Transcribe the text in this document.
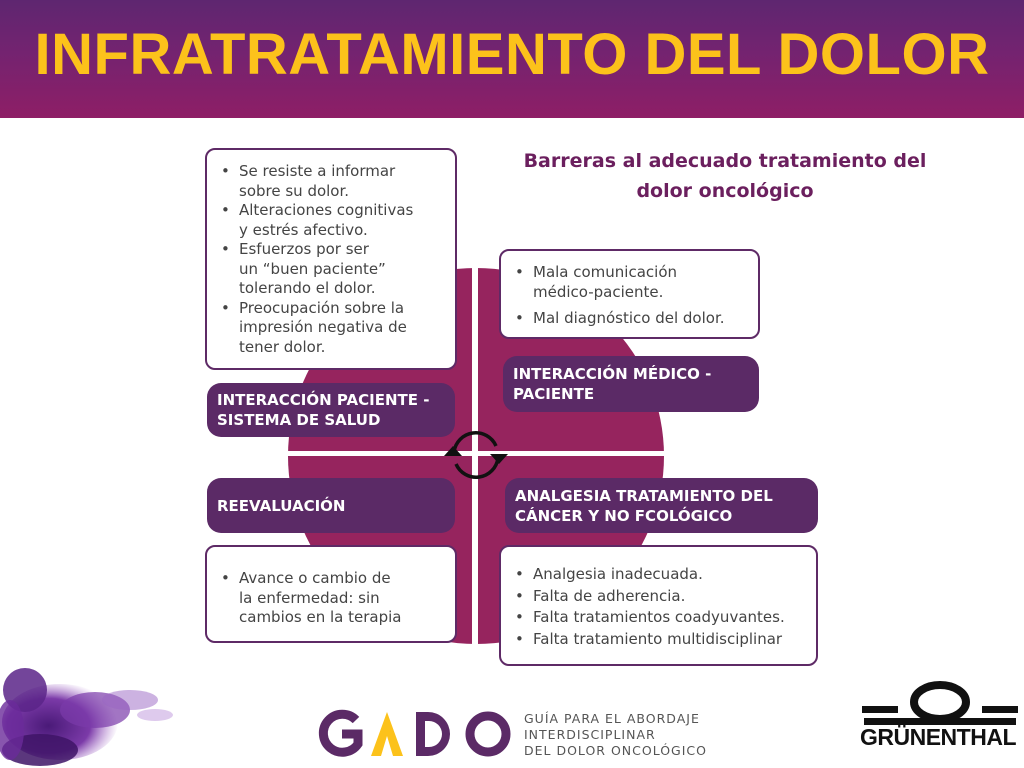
INFRATRATAMIENTO DEL DOLOR
Barreras al adecuado tratamiento del
dolor oncológico
• Se resiste a informar
sobre su dolor.
• Alteraciones cognitivas
y estrés afectivo.
• Esfuerzos por ser
un “buen paciente”
tolerando el dolor.
• Preocupación sobre la
impresión negativa de
tener dolor.
INTERACCIÓN PACIENTE -
SISTEMA DE SALUD
• Mala comunicación
médico-paciente.
• Mal diagnóstico del dolor.
INTERACCIÓN MÉDICO -
PACIENTE
REEVALUACIÓN
• Avance o cambio de
la enfermedad: sin
cambios en la terapia
ANALGESIA TRATAMIENTO DEL
CÁNCER Y NO FCOLÓGICO
• Analgesia inadecuada.
• Falta de adherencia.
• Falta tratamientos coadyuvantes.
• Falta tratamiento multidisciplinar
GUÍA PARA EL ABORDAJE
INTERDISCIPLINAR
DEL DOLOR ONCOLÓGICO
GRÜNENTHAL
